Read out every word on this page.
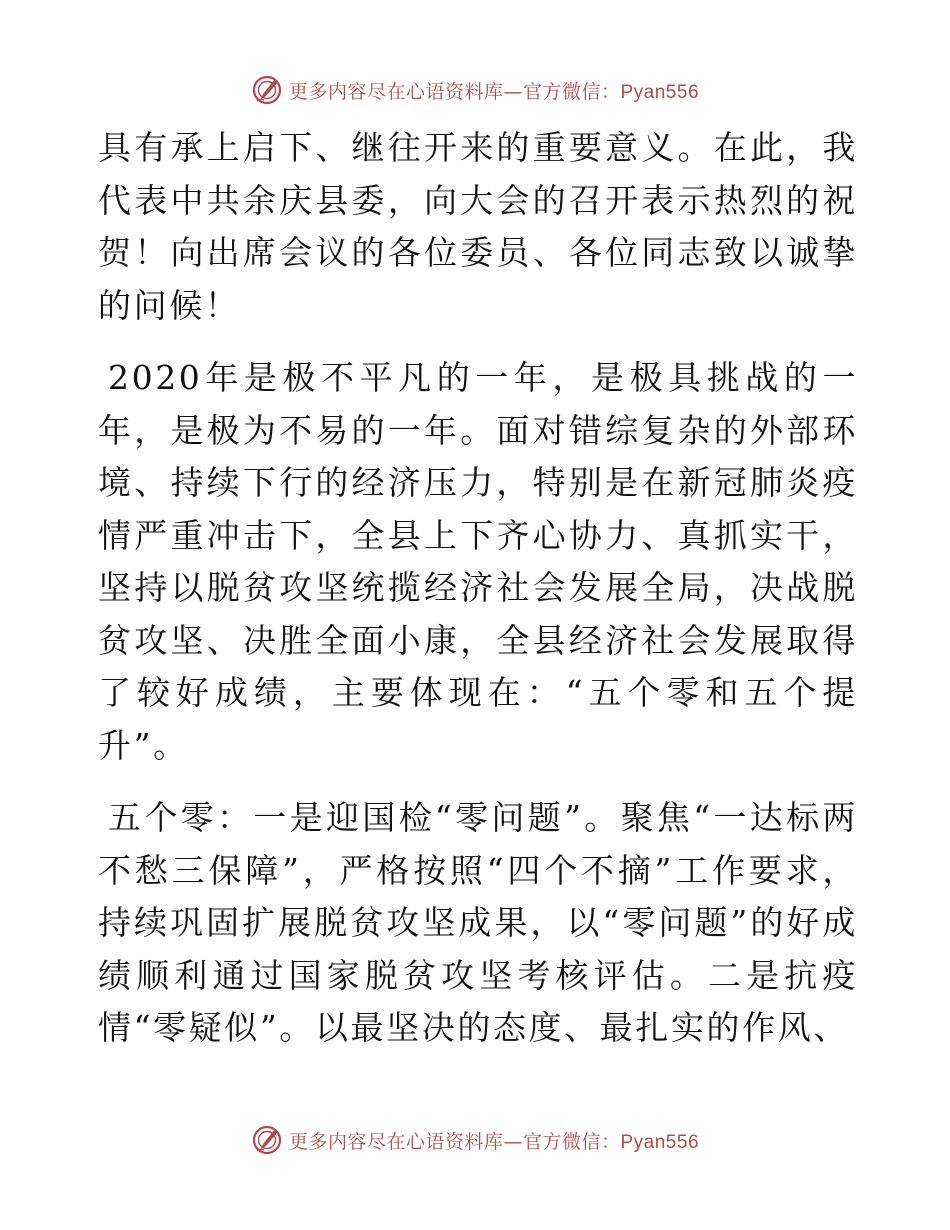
更多内容尽在心语资料库—官方微信：Pyan556

具有承上启下、继往开来的重要意义。在此，我代表中共余庆县委，向大会的召开表示热烈的祝贺！向出席会议的各位委员、各位同志致以诚挚的问候！

2020年是极不平凡的一年，是极具挑战的一年，是极为不易的一年。面对错综复杂的外部环境、持续下行的经济压力，特别是在新冠肺炎疫情严重冲击下，全县上下齐心协力、真抓实干，坚持以脱贫攻坚统揽经济社会发展全局，决战脱贫攻坚、决胜全面小康，全县经济社会发展取得了较好成绩，主要体现在：“五个零和五个提升”。

五个零：一是迎国检“零问题”。聚焦“一达标两不愁三保障”，严格按照“四个不摘”工作要求，持续巩固扩展脱贫攻坚成果，以“零问题”的好成绩顺利通过国家脱贫攻坚考核评估。二是抗疫情“零疑似”。以最坚决的态度、最扎实的作风、

更多内容尽在心语资料库—官方微信：Pyan556
